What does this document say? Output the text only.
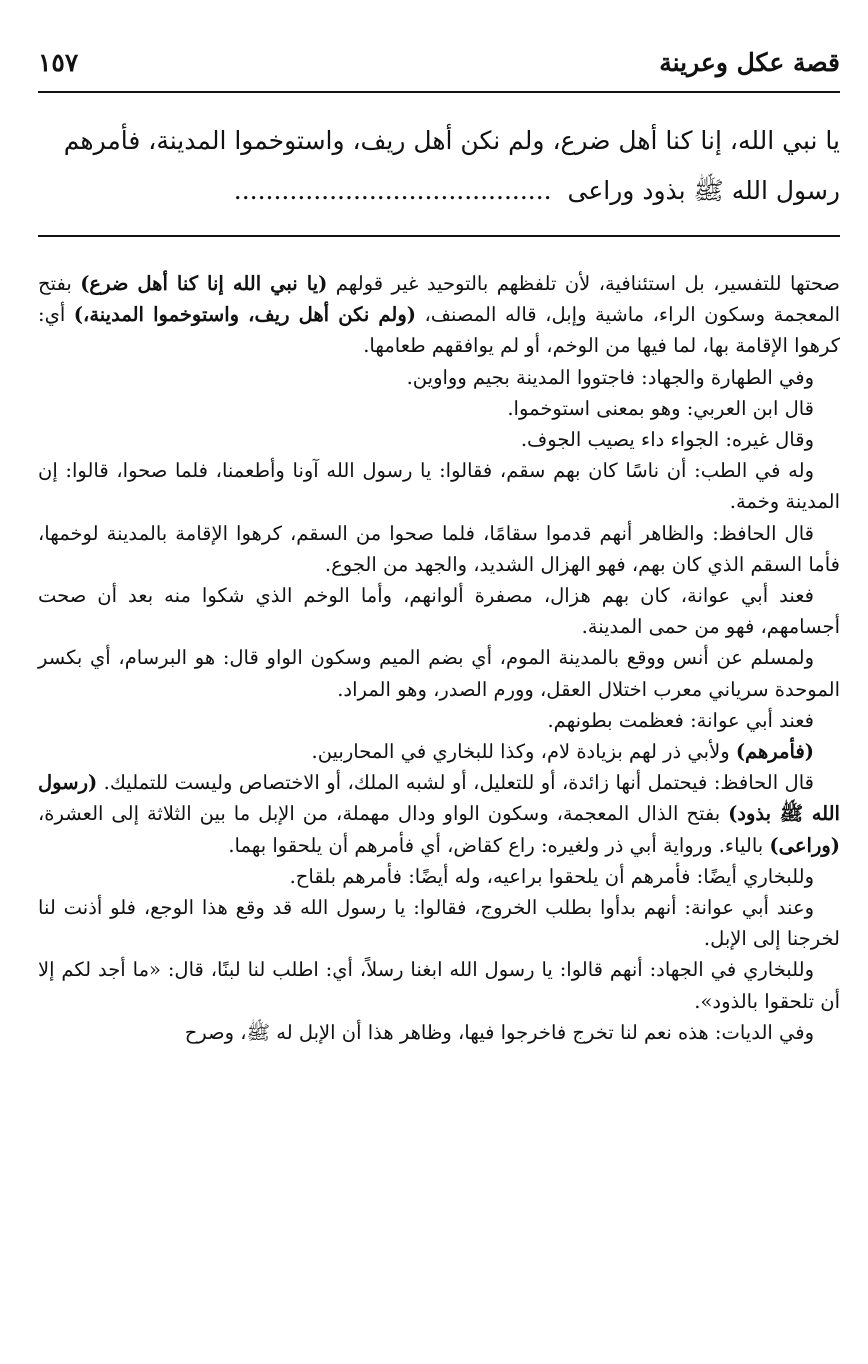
قصة عكل وعرينة
١٥٧

يا نبي الله، إنا كنا أهل ضرع، ولم نكن أهل ريف، واستوخموا المدينة، فأمرهم

رسول الله ﷺ بذود وراعى  ........................................

صحتها للتفسير، بل استئنافية، لأن تلفظهم بالتوحيد غير قولهم (يا نبي الله إنا كنا أهل ضرع) بفتح المعجمة وسكون الراء، ماشية وإبل، قاله المصنف، (ولم نكن أهل ريف، واستوخموا المدينة،) أي: كرهوا الإقامة بها، لما فيها من الوخم، أو لم يوافقهم طعامها.

وفي الطهارة والجهاد: فاجتووا المدينة بجيم وواوين.

قال ابن العربي: وهو بمعنى استوخموا.

وقال غيره: الجواء داء يصيب الجوف.

وله في الطب: أن ناسًا كان بهم سقم، فقالوا: يا رسول الله آونا وأطعمنا، فلما صحوا، قالوا: إن المدينة وخمة.

قال الحافظ: والظاهر أنهم قدموا سقامًا، فلما صحوا من السقم، كرهوا الإقامة بالمدينة لوخمها، فأما السقم الذي كان بهم، فهو الهزال الشديد، والجهد من الجوع.

فعند أبي عوانة، كان بهم هزال، مصفرة ألوانهم، وأما الوخم الذي شكوا منه بعد أن صحت أجسامهم، فهو من حمى المدينة.

ولمسلم عن أنس ووقع بالمدينة الموم، أي بضم الميم وسكون الواو قال: هو البرسام، أي بكسر الموحدة سرياني معرب اختلال العقل، وورم الصدر، وهو المراد.

فعند أبي عوانة: فعظمت بطونهم.

(فأمرهم) ولأبي ذر لهم بزيادة لام، وكذا للبخاري في المحاربين.

قال الحافظ: فيحتمل أنها زائدة، أو للتعليل، أو لشبه الملك، أو الاختصاص وليست للتمليك. (رسول الله ﷺ بذود) بفتح الذال المعجمة، وسكون الواو ودال مهملة، من الإبل ما بين الثلاثة إلى العشرة، (وراعى) بالياء. ورواية أبي ذر ولغيره: راع كقاض، أي فأمرهم أن يلحقوا بهما.

وللبخاري أيضًا: فأمرهم أن يلحقوا براعيه، وله أيضًا: فأمرهم بلقاح.

وعند أبي عوانة: أنهم بدأوا بطلب الخروج، فقالوا: يا رسول الله قد وقع هذا الوجع، فلو أذنت لنا لخرجنا إلى الإبل.

وللبخاري في الجهاد: أنهم قالوا: يا رسول الله ابغنا رسلاً، أي: اطلب لنا لبنًا، قال: «ما أجد لكم إلا أن تلحقوا بالذود».

وفي الديات: هذه نعم لنا تخرج فاخرجوا فيها، وظاهر هذا أن الإبل له ﷺ، وصرح
